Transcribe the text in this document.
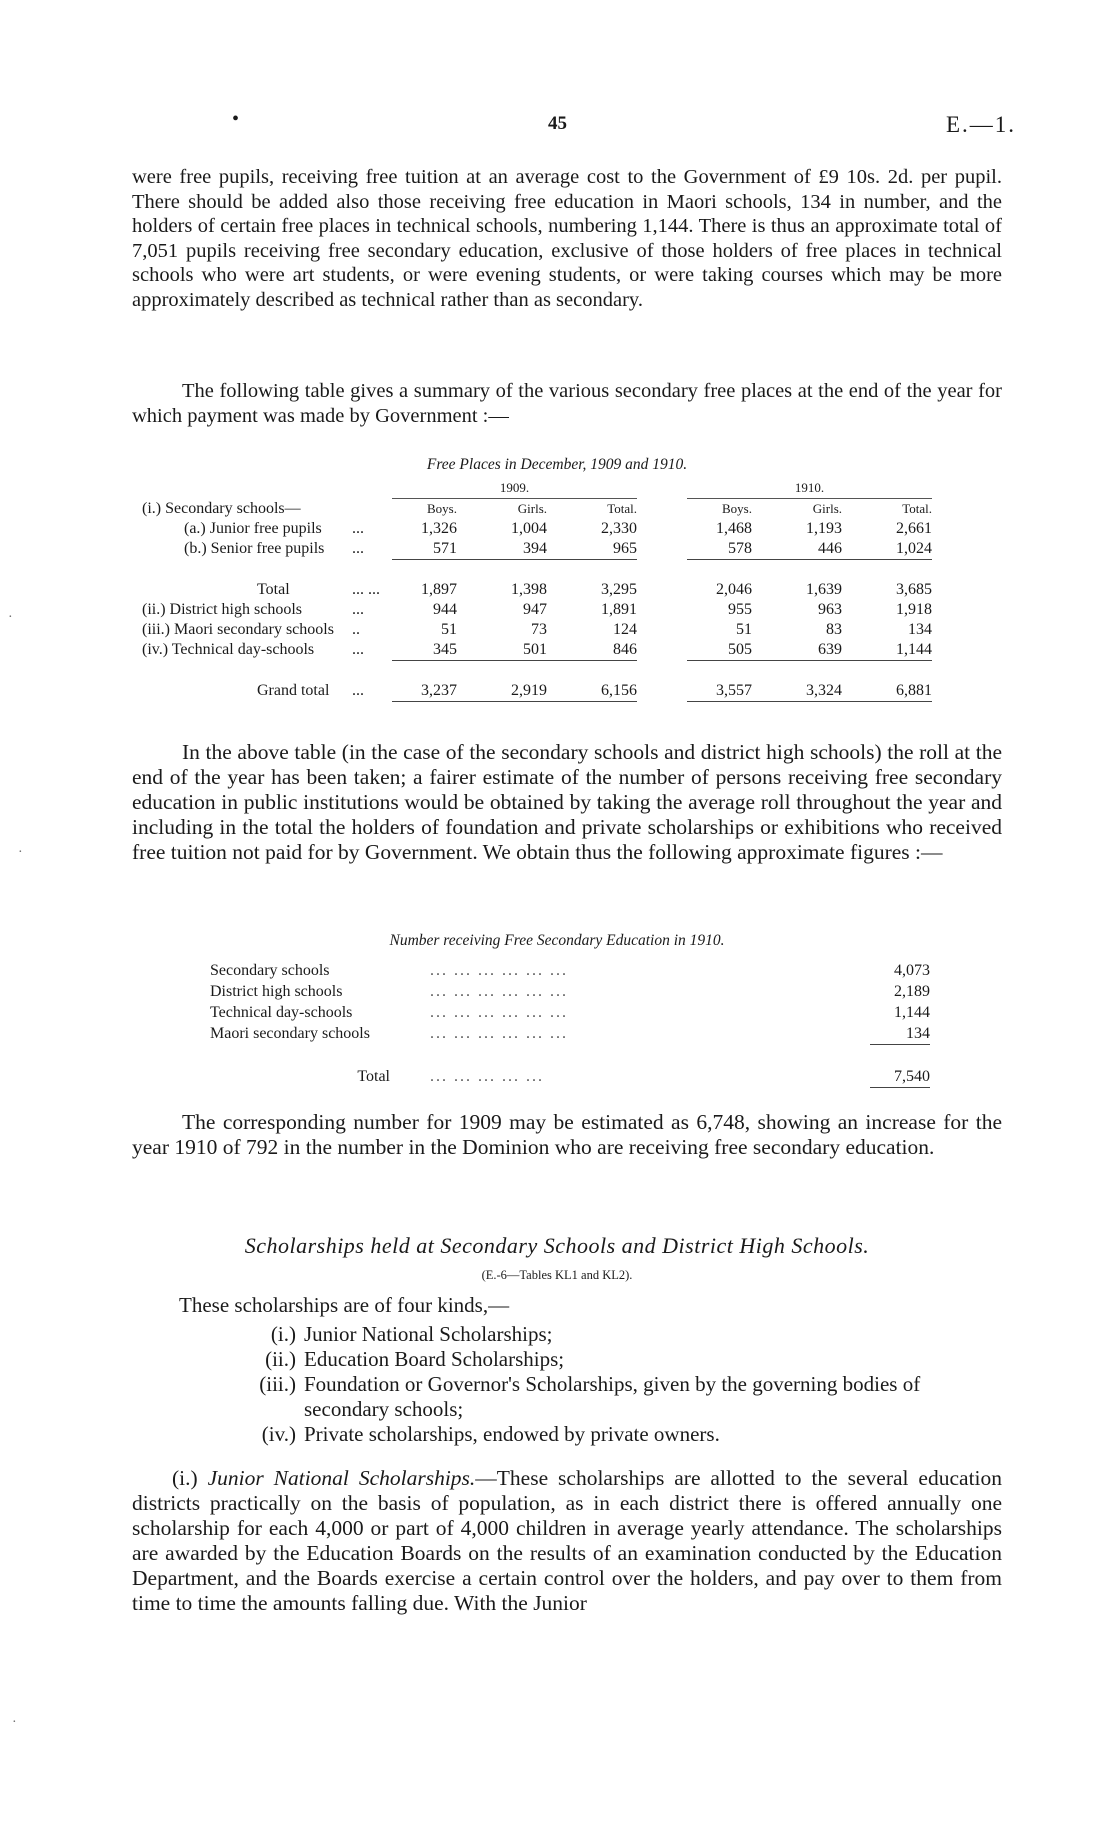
•	45	E.—1.
·
·
·

were free pupils, receiving free tuition at an average cost to the Government of £9 10s. 2d. per pupil. There should be added also those receiving free education in Maori schools, 134 in number, and the holders of certain free places in technical schools, numbering 1,144. There is thus an approximate total of 7,051 pupils receiving free secondary education, exclusive of those holders of free places in technical schools who were art students, or were evening students, or were taking courses which may be more approximately described as technical rather than as secondary.

The following table gives a summary of the various secondary free places at the end of the year for which payment was made by Government :—

Free Places in December, 1909 and 1910.
		1909.				1910.		
(i.) Secondary schools—		Boys.	Girls.	Total.		Boys.	Girls.	Total.
(a.) Junior free pupils	...	1,326	1,004	2,330		1,468	1,193	2,661
(b.) Senior free pupils	...	571	394	965		578	446	1,024

Total	... ...	1,897	1,398	3,295		2,046	1,639	3,685
(ii.) District high schools	...	944	947	1,891		955	963	1,918
(iii.) Maori secondary schools	..	51	73	124		51	83	134
(iv.) Technical day-schools	...	345	501	846		505	639	1,144

Grand total	...	3,237	2,919	6,156		3,557	3,324	6,881

In the above table (in the case of the secondary schools and district high schools) the roll at the end of the year has been taken; a fairer estimate of the number of persons receiving free secondary education in public institutions would be obtained by taking the average roll throughout the year and including in the total the holders of foundation and private scholarships or exhibitions who received free tuition not paid for by Government. We obtain thus the following approximate figures :—

Number receiving Free Secondary Education in 1910.
Secondary schools	... ... ... ... ... ...	4,073
District high schools	... ... ... ... ... ...	2,189
Technical day-schools	... ... ... ... ... ...	1,144
Maori secondary schools	... ... ... ... ... ...	134

Total	... ... ... ... ...	7,540

The corresponding number for 1909 may be estimated as 6,748, showing an increase for the year 1910 of 792 in the number in the Dominion who are receiving free secondary education.

Scholarships held at Secondary Schools and District High Schools.
(E.-6—Tables KL1 and KL2).
These scholarships are of four kinds,—
(i.) Junior National Scholarships;
(ii.) Education Board Scholarships;
(iii.) Foundation or Governor's Scholarships, given by the governing bodies of secondary schools;
(iv.) Private scholarships, endowed by private owners.

(i.) Junior National Scholarships.—These scholarships are allotted to the several education districts practically on the basis of population, as in each district there is offered annually one scholarship for each 4,000 or part of 4,000 children in average yearly attendance. The scholarships are awarded by the Education Boards on the results of an examination conducted by the Education Department, and the Boards exercise a certain control over the holders, and pay over to them from time to time the amounts falling due. With the Junior
